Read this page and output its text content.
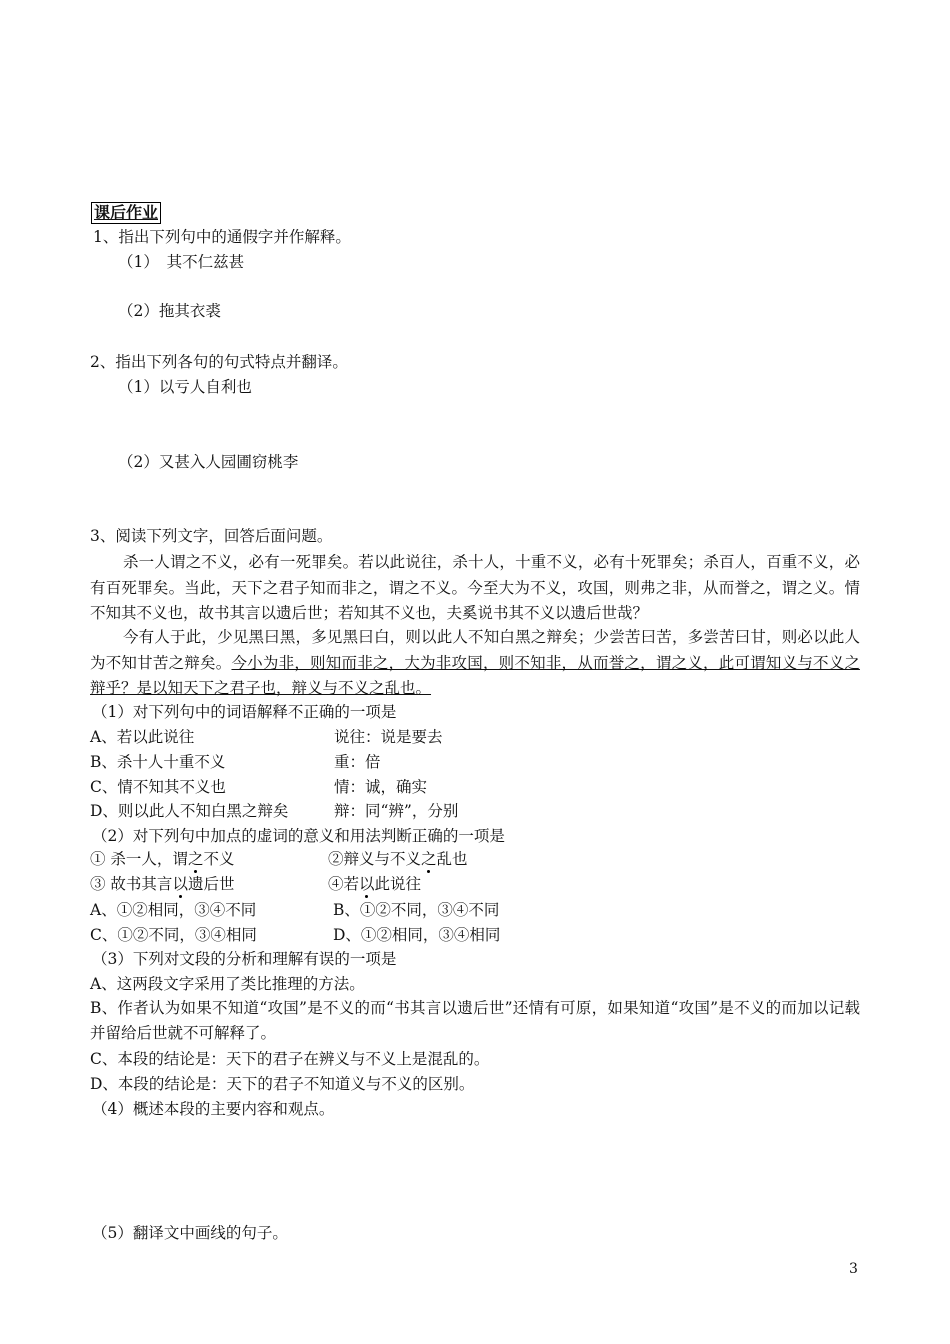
课后作业
1、指出下列句中的通假字并作解释。
（1）　其不仁兹甚
（2）拖其衣裘
2、指出下列各句的句式特点并翻译。
（1）以亏人自利也
（2）又甚入人园圃窃桃李
3、阅读下列文字，回答后面问题。

杀一人谓之不义，必有一死罪矣。若以此说往，杀十人，十重不义，必有十死罪矣；杀百人，百重不义，必有百死罪矣。当此，天下之君子知而非之，谓之不义。今至大为不义，攻国，则弗之非，从而誉之，谓之义。情不知其不义也，故书其言以遗后世；若知其不义也，夫奚说书其不义以遗后世哉？

今有人于此，少见黑曰黑，多见黑曰白，则以此人不知白黑之辩矣；少尝苦曰苦，多尝苦曰甘，则必以此人为不知甘苦之辩矣。今小为非，则知而非之，大为非攻国，则不知非，从而誉之，谓之义，此可谓知义与不义之辩乎？是以知天下之君子也，辩义与不义之乱也。

（1）对下列句中的词语解释不正确的一项是
A、若以此说往	说往：说是要去
B、杀十人十重不义	重：倍
C、情不知其不义也	情：诚，确实
D、则以此人不知白黑之辩矣	辩：同“辨”，分别
（2）对下列句中加点的虚词的意义和用法判断正确的一项是
① 杀一人，谓之不义	②辩义与不义之乱也
③ 故书其言以遗后世	④若以此说往
A、①②相同，③④不同	B、①②不同，③④不同
C、①②不同，③④相同	D、①②相同，③④相同
（3）下列对文段的分析和理解有误的一项是
A、这两段文字采用了类比推理的方法。

B、作者认为如果不知道“攻国”是不义的而“书其言以遗后世”还情有可原，如果知道“攻国”是不义的而加以记载并留给后世就不可解释了。

C、本段的结论是：天下的君子在辨义与不义上是混乱的。
D、本段的结论是：天下的君子不知道义与不义的区别。
（4）概述本段的主要内容和观点。
（5）翻译文中画线的句子。
3
